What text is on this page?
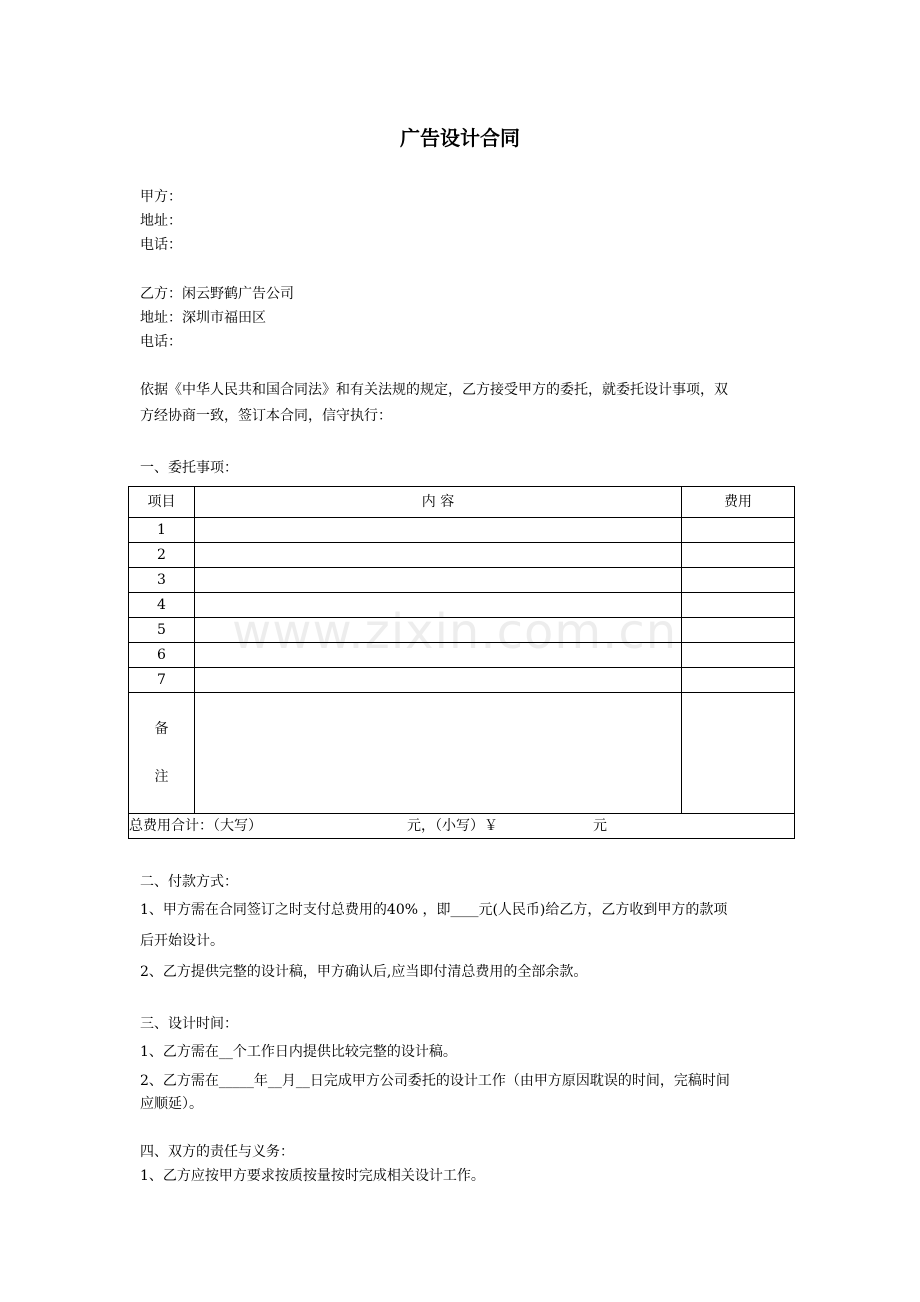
广告设计合同
甲方：
地址：
电话：
乙方：闲云野鹤广告公司
地址：深圳市福田区
电话：
依据《中华人民共和国合同法》和有关法规的规定，乙方接受甲方的委托，就委托设计事项，双
方经协商一致，签订本合同，信守执行：
一、委托事项：
项目	内 容	费用
1		
2		
3		
4		
5		
6		
7		
备
注		
总费用合计：（大写） 元，（小写）￥ 元		
www.zixin.com.cn
二、付款方式：
1、甲方需在合同签订之时支付总费用的40% ，即____元(人民币)给乙方，乙方收到甲方的款项
后开始设计。
2、乙方提供完整的设计稿，甲方确认后,应当即付清总费用的全部余款。
三、设计时间：
1、乙方需在__个工作日内提供比较完整的设计稿。
2、乙方需在_____年__月__日完成甲方公司委托的设计工作（由甲方原因耽误的时间，完稿时间
应顺延）。
四、双方的责任与义务：
1、乙方应按甲方要求按质按量按时完成相关设计工作。
